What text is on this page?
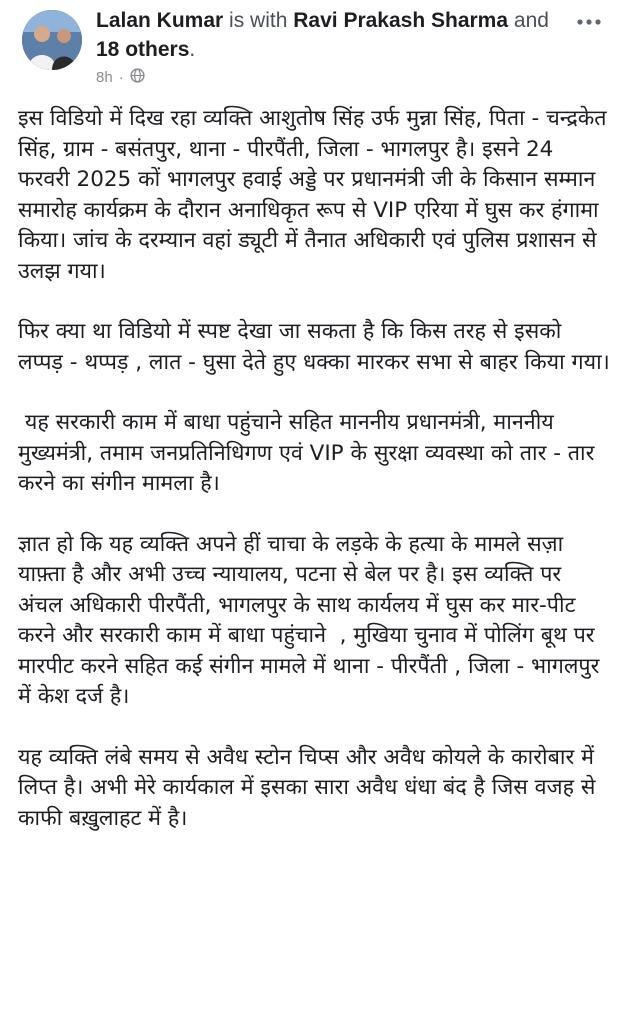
Lalan Kumar is with Ravi Prakash Sharma and 18 others.
8h ·

इस विडियो में दिख रहा व्यक्ति आशुतोष सिंह उर्फ मुन्ना सिंह, पिता - चन्द्रकेत सिंह, ग्राम - बसंतपुर, थाना - पीरपैंती, जिला - भागलपुर है। इसने 24 फरवरी 2025 कों भागलपुर हवाई अड्डे पर प्रधानमंत्री जी के किसान सम्मान समारोह कार्यक्रम के दौरान अनाधिकृत रूप से VIP एरिया में घुस कर हंगामा किया। जांच के दरम्यान वहां ड्यूटी में तैनात अधिकारी एवं पुलिस प्रशासन से उलझ गया।

फिर क्या था विडियो में स्पष्ट देखा जा सकता है कि किस तरह से इसको लप्पड़ - थप्पड़ , लात - घुसा देते हुए धक्का मारकर सभा से बाहर किया गया।

यह सरकारी काम में बाधा पहुंचाने सहित माननीय प्रधानमंत्री, माननीय मुख्यमंत्री, तमाम जनप्रतिनिधिगण एवं VIP के सुरक्षा व्यवस्था को तार - तार करने का संगीन मामला है।

ज्ञात हो कि यह व्यक्ति अपने हीं चाचा के लड़के के हत्या के मामले सज़ा याफ़्ता है और अभी उच्च न्यायालय, पटना से बेल पर है। इस व्यक्ति पर अंचल अधिकारी पीरपैंती, भागलपुर के साथ कार्यलय में घुस कर मार-पीट करने और सरकारी काम में बाधा पहुंचाने  , मुखिया चुनाव में पोलिंग बूथ पर मारपीट करने सहित कई संगीन मामले में थाना - पीरपैंती , जिला - भागलपुर में केश दर्ज है।

यह व्यक्ति लंबे समय से अवैध स्टोन चिप्स और अवैध कोयले के कारोबार में लिप्त है। अभी मेरे कार्यकाल में इसका सारा अवैध धंधा बंद है जिस वजह से काफी बख़ुलाहट में है।
